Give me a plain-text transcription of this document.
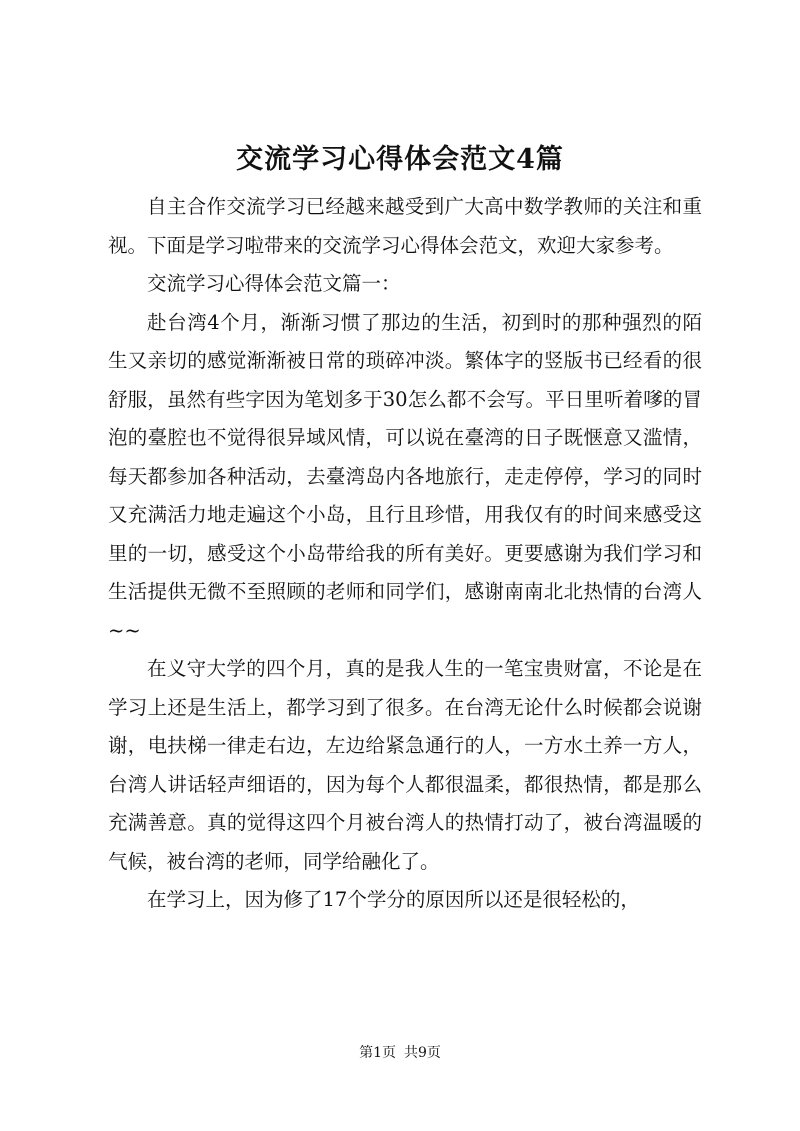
交流学习心得体会范文4篇

自主合作交流学习已经越来越受到广大高中数学教师的关注和重视。下面是学习啦带来的交流学习心得体会范文，欢迎大家参考。

交流学习心得体会范文篇一：

赴台湾4个月，渐渐习惯了那边的生活，初到时的那种强烈的陌生又亲切的感觉渐渐被日常的琐碎冲淡。繁体字的竖版书已经看的很舒服，虽然有些字因为笔划多于30怎么都不会写。平日里听着嗲的冒泡的臺腔也不觉得很异域风情，可以说在臺湾的日子既惬意又滥情，每天都参加各种活动，去臺湾岛内各地旅行，走走停停，学习的同时又充满活力地走遍这个小岛，且行且珍惜，用我仅有的时间来感受这里的一切，感受这个小岛带给我的所有美好。更要感谢为我们学习和生活提供无微不至照顾的老师和同学们，感谢南南北北热情的台湾人~~

在义守大学的四个月，真的是我人生的一笔宝贵财富，不论是在学习上还是生活上，都学习到了很多。在台湾无论什么时候都会说谢谢，电扶梯一律走右边，左边给紧急通行的人，一方水土养一方人，台湾人讲话轻声细语的，因为每个人都很温柔，都很热情，都是那么充满善意。真的觉得这四个月被台湾人的热情打动了，被台湾温暖的气候，被台湾的老师，同学给融化了。

在学习上，因为修了17个学分的原因所以还是很轻松的，

第1页 共9页
